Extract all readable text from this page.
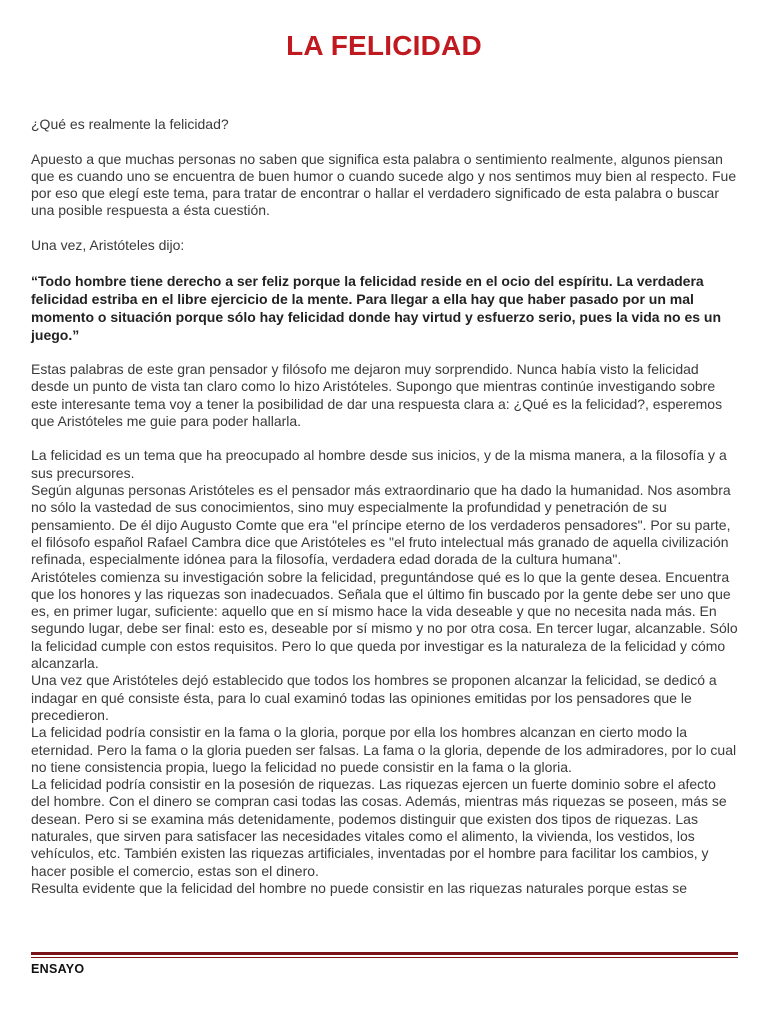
LA FELICIDAD

¿Qué es realmente la felicidad?

Apuesto a que muchas personas no saben que significa esta palabra o sentimiento realmente, algunos piensan que es cuando uno se encuentra de buen humor o cuando sucede algo y nos sentimos muy bien al respecto. Fue por eso que elegí este tema, para tratar de encontrar o hallar el verdadero significado de esta palabra o buscar una posible respuesta a ésta cuestión.

Una vez, Aristóteles dijo:

“Todo hombre tiene derecho a ser feliz porque la felicidad reside en el ocio del espíritu. La verdadera felicidad estriba en el libre ejercicio de la mente. Para llegar a ella hay que haber pasado por un mal momento o situación porque sólo hay felicidad donde hay virtud y esfuerzo serio, pues la vida no es un juego.”

Estas palabras de este gran pensador y filósofo me dejaron muy sorprendido. Nunca había visto la felicidad desde un punto de vista tan claro como lo hizo Aristóteles. Supongo que mientras continúe investigando sobre este interesante tema voy a tener la posibilidad de dar una respuesta clara a: ¿Qué es la felicidad?, esperemos que Aristóteles me guie para poder hallarla.

La felicidad es un tema que ha preocupado al hombre desde sus inicios, y de la misma manera, a la filosofía y a sus precursores.

Según algunas personas Aristóteles es el pensador más extraordinario que ha dado la humanidad. Nos asombra no sólo la vastedad de sus conocimientos, sino muy especialmente la profundidad y penetración de su pensamiento. De él dijo Augusto Comte que era "el príncipe eterno de los verdaderos pensadores". Por su parte, el filósofo español Rafael Cambra dice que Aristóteles es "el fruto intelectual más granado de aquella civilización refinada, especialmente idónea para la filosofía, verdadera edad dorada de la cultura humana".

Aristóteles comienza su investigación sobre la felicidad, preguntándose qué es lo que la gente desea. Encuentra que los honores y las riquezas son inadecuados. Señala que el último fin buscado por la gente debe ser uno que es, en primer lugar, suficiente: aquello que en sí mismo hace la vida deseable y que no necesita nada más. En segundo lugar, debe ser final: esto es, deseable por sí mismo y no por otra cosa. En tercer lugar, alcanzable. Sólo la felicidad cumple con estos requisitos. Pero lo que queda por investigar es la naturaleza de la felicidad y cómo alcanzarla.

Una vez que Aristóteles dejó establecido que todos los hombres se proponen alcanzar la felicidad, se dedicó a indagar en qué consiste ésta, para lo cual examinó todas las opiniones emitidas por los pensadores que le precedieron.

La felicidad podría consistir en la fama o la gloria, porque por ella los hombres alcanzan en cierto modo la eternidad. Pero la fama o la gloria pueden ser falsas. La fama o la gloria, depende de los admiradores, por lo cual no tiene consistencia propia, luego la felicidad no puede consistir en la fama o la gloria.

La felicidad podría consistir en la posesión de riquezas. Las riquezas ejercen un fuerte dominio sobre el afecto del hombre. Con el dinero se compran casi todas las cosas. Además, mientras más riquezas se poseen, más se desean. Pero si se examina más detenidamente, podemos distinguir que existen dos tipos de riquezas. Las naturales, que sirven para satisfacer las necesidades vitales como el alimento, la vivienda, los vestidos, los vehículos, etc. También existen las riquezas artificiales, inventadas por el hombre para facilitar los cambios, y hacer posible el comercio, estas son el dinero.

Resulta evidente que la felicidad del hombre no puede consistir en las riquezas naturales porque estas se

ENSAYO
